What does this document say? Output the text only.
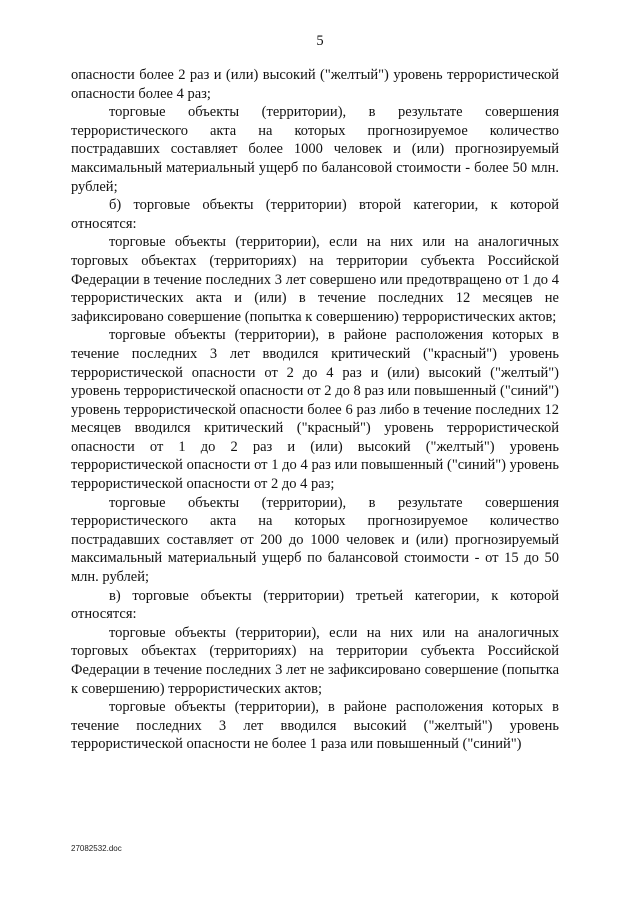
5

опасности более 2 раз и (или) высокий ("желтый") уровень террористической опасности более 4 раз;

торговые объекты (территории), в результате совершения террористического акта на которых прогнозируемое количество пострадавших составляет более 1000 человек и (или) прогнозируемый максимальный материальный ущерб по балансовой стоимости - более 50 млн. рублей;

б) торговые объекты (территории) второй категории, к которой относятся:

торговые объекты (территории), если на них или на аналогичных торговых объектах (территориях) на территории субъекта Российской Федерации в течение последних 3 лет совершено или предотвращено от 1 до 4 террористических акта и (или) в течение последних 12 месяцев не зафиксировано совершение (попытка к совершению) террористических актов;

торговые объекты (территории), в районе расположения которых в течение последних 3 лет вводился критический ("красный") уровень террористической опасности от 2 до 4 раз и (или) высокий ("желтый") уровень террористической опасности от 2 до 8 раз или повышенный ("синий") уровень террористической опасности более 6 раз либо в течение последних 12 месяцев вводился критический ("красный") уровень террористической опасности от 1 до 2 раз и (или) высокий ("желтый") уровень террористической опасности от 1 до 4 раз или повышенный ("синий") уровень террористической опасности от 2 до 4 раз;

торговые объекты (территории), в результате совершения террористического акта на которых прогнозируемое количество пострадавших составляет от 200 до 1000 человек и (или) прогнозируемый максимальный материальный ущерб по балансовой стоимости - от 15 до 50 млн. рублей;

в) торговые объекты (территории) третьей категории, к которой относятся:

торговые объекты (территории), если на них или на аналогичных торговых объектах (территориях) на территории субъекта Российской Федерации в течение последних 3 лет не зафиксировано совершение (попытка к совершению) террористических актов;

торговые объекты (территории), в районе расположения которых в течение последних 3 лет вводился высокий ("желтый") уровень террористической опасности не более 1 раза или повышенный ("синий")

27082532.doc
